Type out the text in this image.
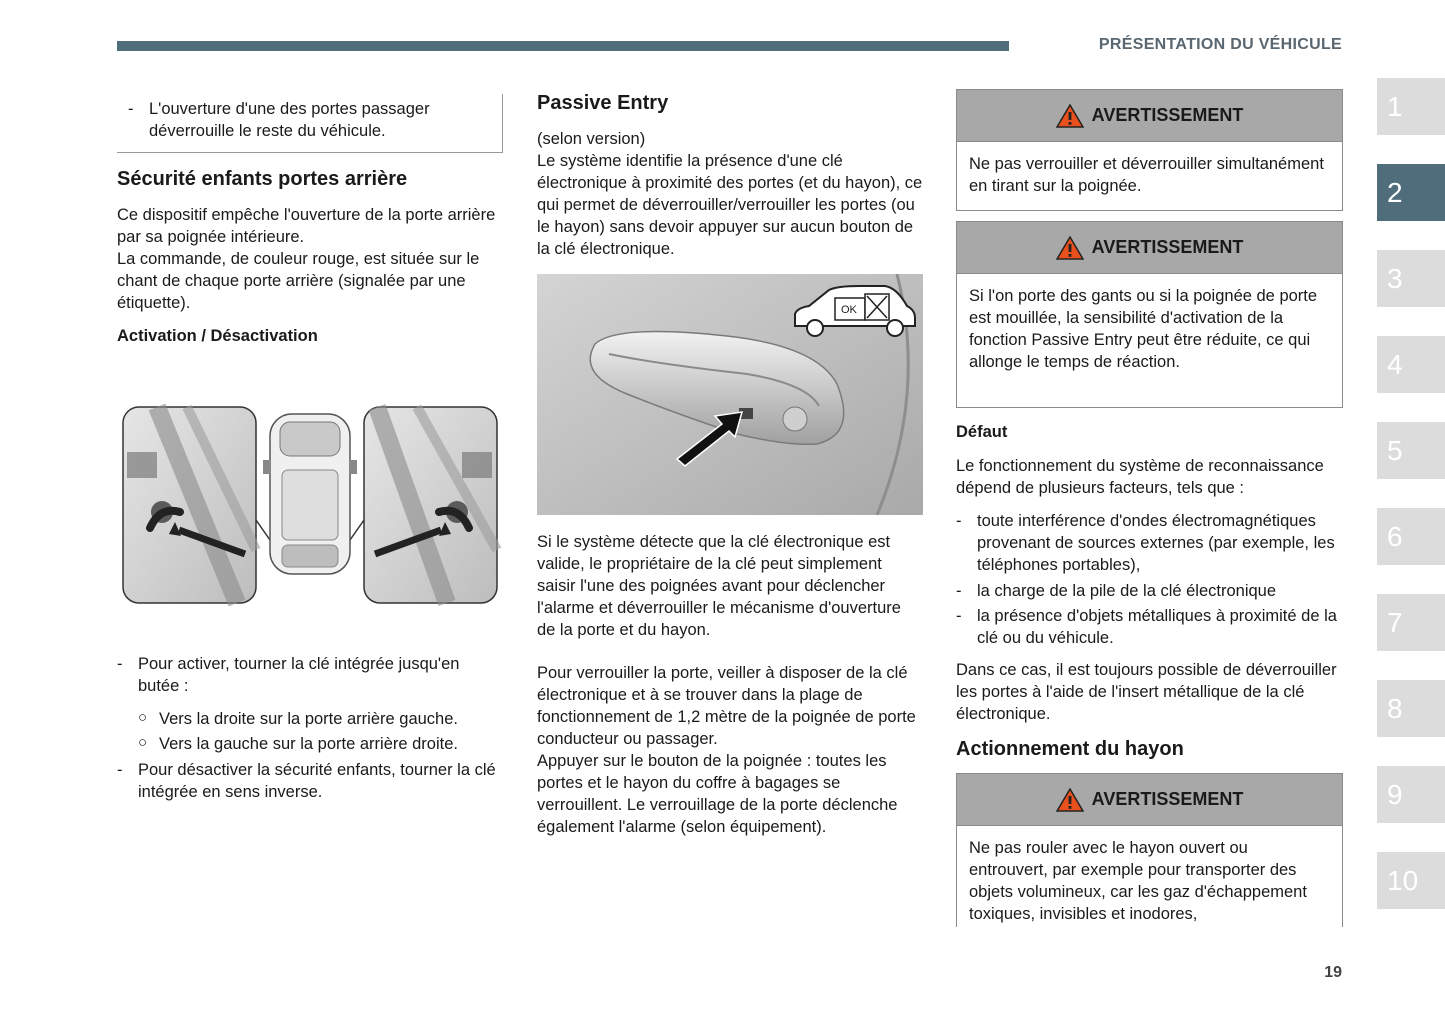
PRÉSENTATION DU VÉHICULE
1
2
3
4
5
6
7
8
9
10
- L'ouverture d'une des portes passager déverrouille le reste du véhicule.
Sécurité enfants portes arrière
Ce dispositif empêche l'ouverture de la porte arrière par sa poignée intérieure.
La commande, de couleur rouge, est située sur le chant de chaque porte arrière (signalée par une étiquette).
Activation / Désactivation
- Pour activer, tourner la clé intégrée jusqu'en butée :
○ Vers la droite sur la porte arrière gauche.
○ Vers la gauche sur la porte arrière droite.
- Pour désactiver la sécurité enfants, tourner la clé intégrée en sens inverse.
Passive Entry
(selon version)
Le système identifie la présence d'une clé électronique à proximité des portes (et du hayon), ce qui permet de déverrouiller/verrouiller les portes (ou le hayon) sans devoir appuyer sur aucun bouton de la clé électronique.
Si le système détecte que la clé électronique est valide, le propriétaire de la clé peut simplement saisir l'une des poignées avant pour déclencher l'alarme et déverrouiller le mécanisme d'ouverture de la porte et du hayon.
Pour verrouiller la porte, veiller à disposer de la clé électronique et à se trouver dans la plage de fonctionnement de 1,2 mètre de la poignée de porte conducteur ou passager.
Appuyer sur le bouton de la poignée : toutes les portes et le hayon du coffre à bagages se verrouillent. Le verrouillage de la porte déclenche également l'alarme (selon équipement).
OK
AVERTISSEMENT
Ne pas verrouiller et déverrouiller simultanément en tirant sur la poignée.
AVERTISSEMENT
Si l'on porte des gants ou si la poignée de porte est mouillée, la sensibilité d'activation de la fonction Passive Entry peut être réduite, ce qui allonge le temps de réaction.
Défaut
Le fonctionnement du système de reconnaissance dépend de plusieurs facteurs, tels que :
- toute interférence d'ondes électromagnétiques provenant de sources externes (par exemple, les téléphones portables),
- la charge de la pile de la clé électronique
- la présence d'objets métalliques à proximité de la clé ou du véhicule.
Dans ce cas, il est toujours possible de déverrouiller les portes à l'aide de l'insert métallique de la clé électronique.
Actionnement du hayon
AVERTISSEMENT
Ne pas rouler avec le hayon ouvert ou entrouvert, par exemple pour transporter des objets volumineux, car les gaz d'échappement toxiques, invisibles et inodores,
19
